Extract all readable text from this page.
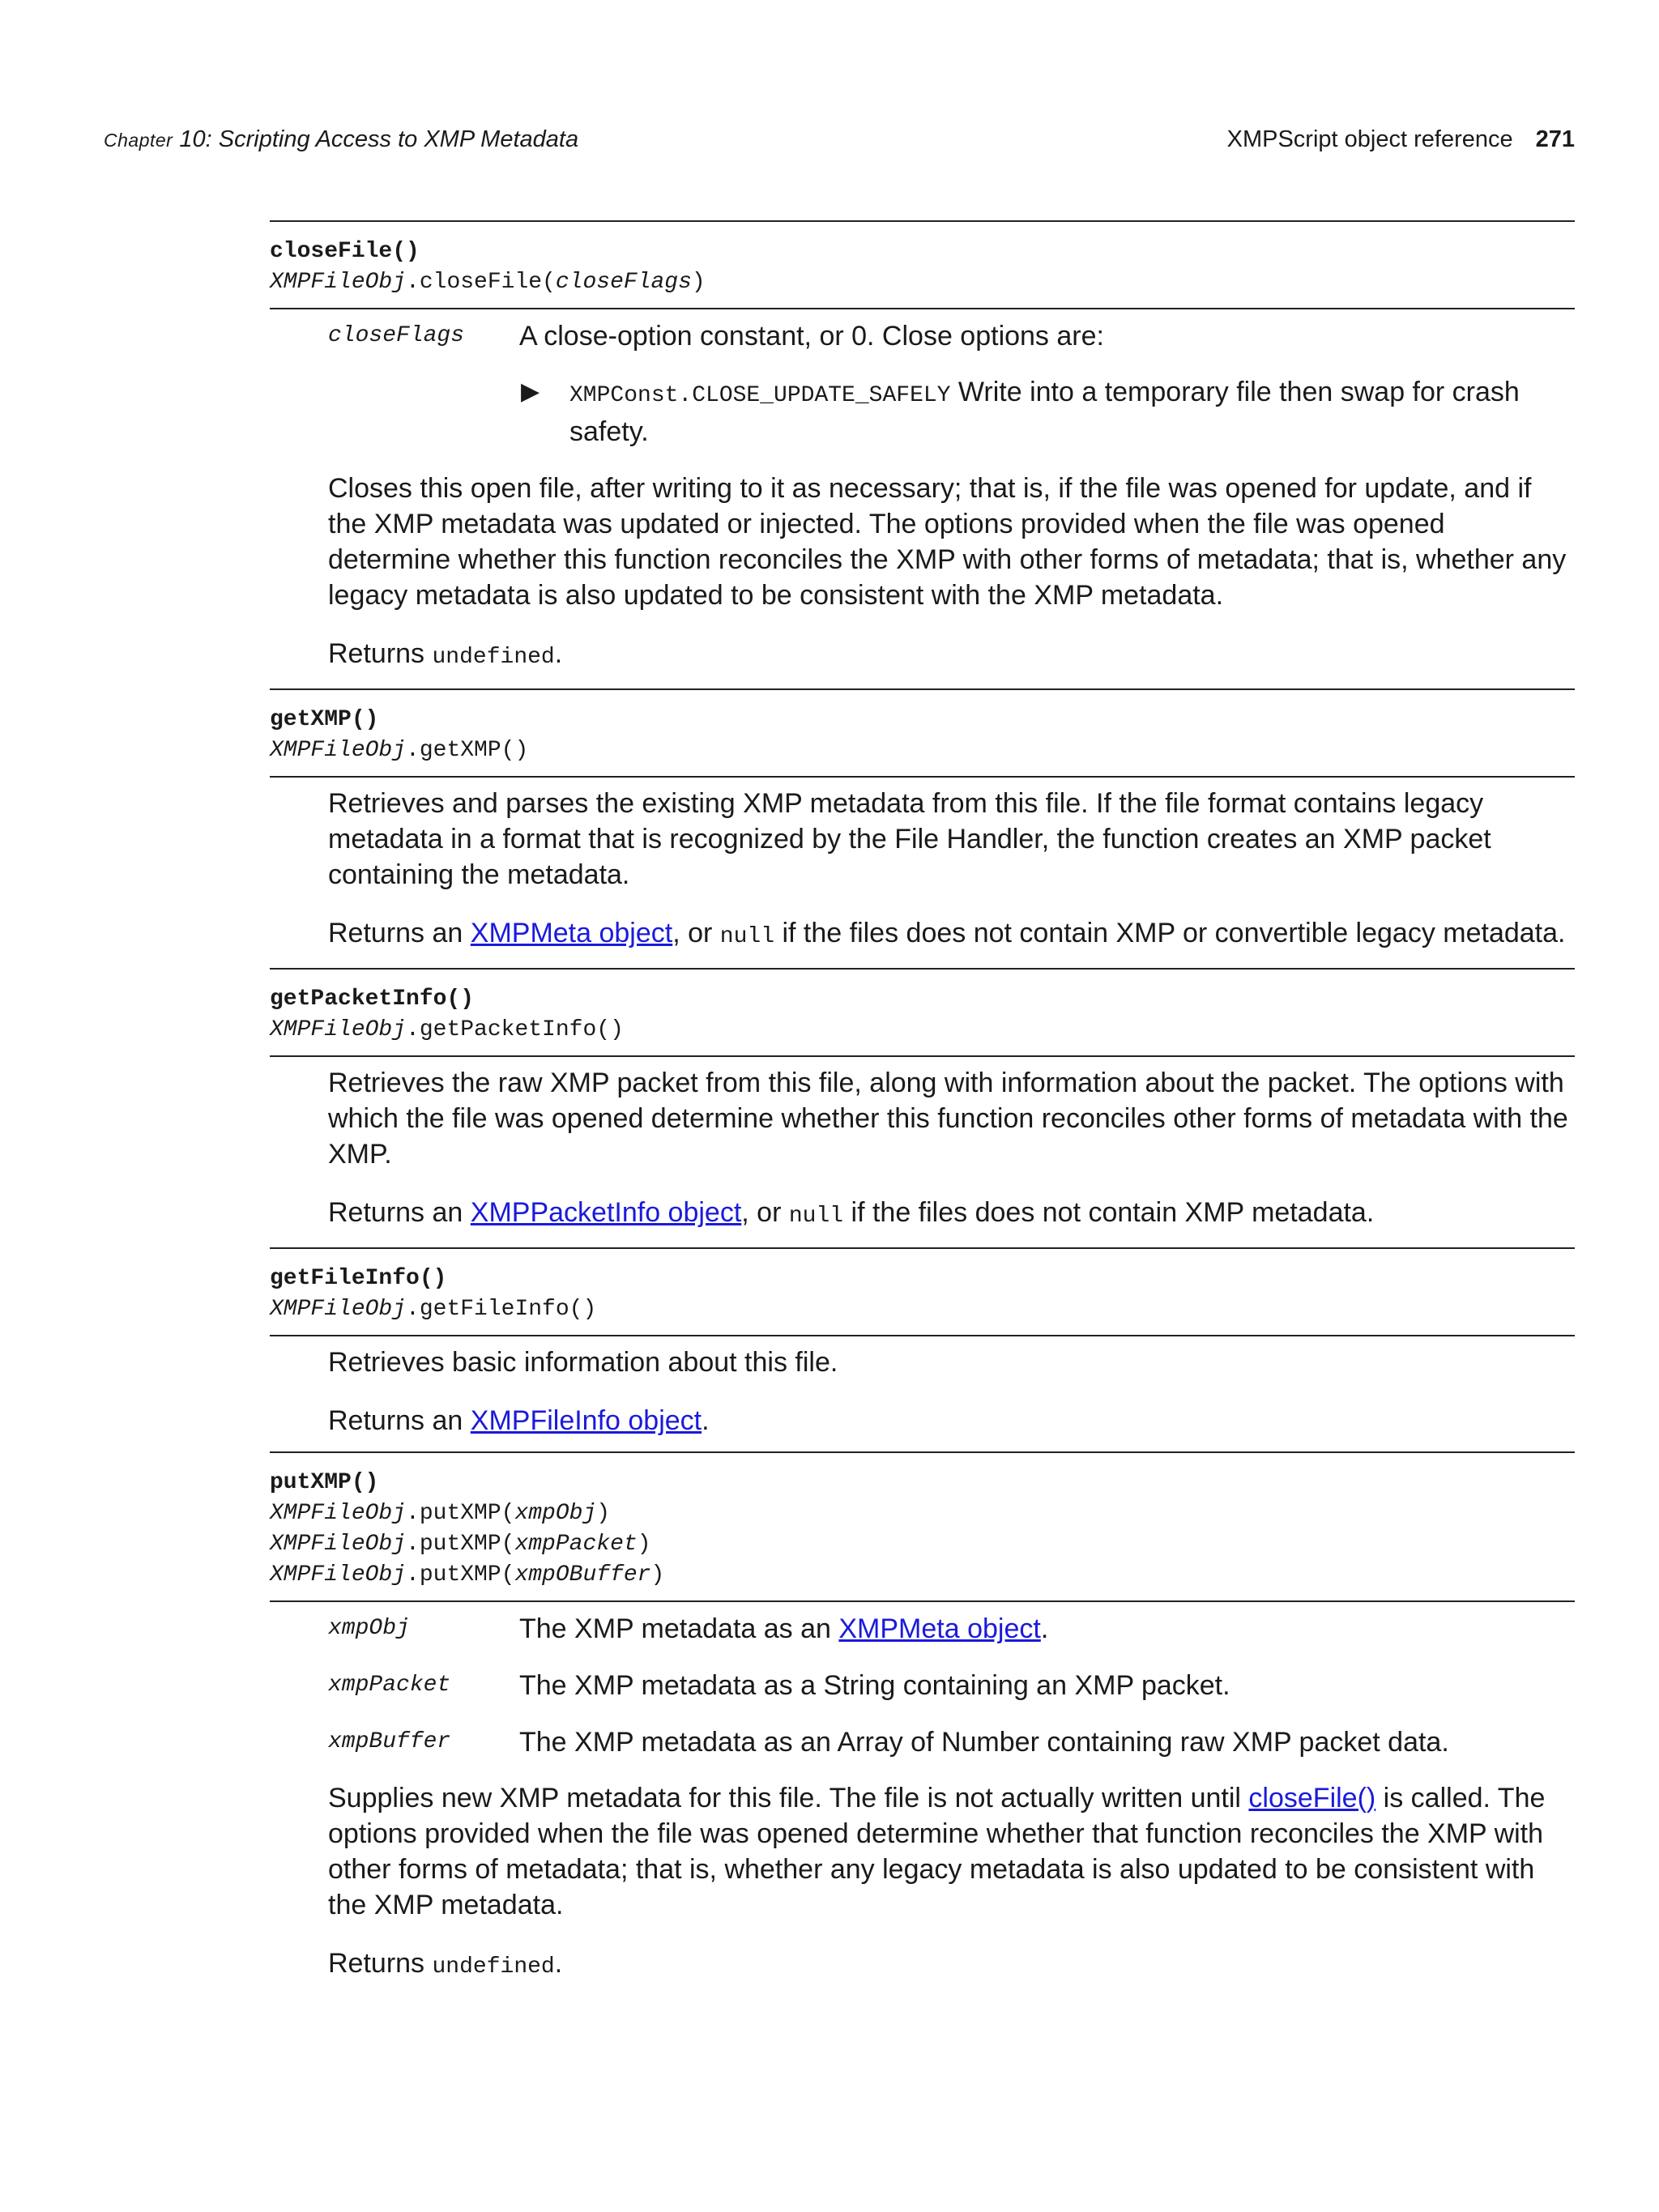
Chapter 10: Scripting Access to XMP Metadata	XMPScript object reference 271
closeFile()
XMPFileObj.closeFile(closeFlags)
closeFlags A close-option constant, or 0. Close options are:
▶ XMPConst.CLOSE_UPDATE_SAFELY Write into a temporary file then swap for crash safety.
Closes this open file, after writing to it as necessary; that is, if the file was opened for update, and if the XMP metadata was updated or injected. The options provided when the file was opened determine whether this function reconciles the XMP with other forms of metadata; that is, whether any legacy metadata is also updated to be consistent with the XMP metadata.
Returns undefined.
getXMP()
XMPFileObj.getXMP()
Retrieves and parses the existing XMP metadata from this file. If the file format contains legacy metadata in a format that is recognized by the File Handler, the function creates an XMP packet containing the metadata.
Returns an XMPMeta object, or null if the files does not contain XMP or convertible legacy metadata.
getPacketInfo()
XMPFileObj.getPacketInfo()
Retrieves the raw XMP packet from this file, along with information about the packet. The options with which the file was opened determine whether this function reconciles other forms of metadata with the XMP.
Returns an XMPPacketInfo object, or null if the files does not contain XMP metadata.
getFileInfo()
XMPFileObj.getFileInfo()
Retrieves basic information about this file.
Returns an XMPFileInfo object.
putXMP()
XMPFileObj.putXMP(xmpObj)
XMPFileObj.putXMP(xmpPacket)
XMPFileObj.putXMP(xmpOBuffer)
xmpObj	The XMP metadata as an XMPMeta object.
xmpPacket The XMP metadata as a String containing an XMP packet.
xmpBuffer The XMP metadata as an Array of Number containing raw XMP packet data.
Supplies new XMP metadata for this file. The file is not actually written until closeFile() is called. The options provided when the file was opened determine whether that function reconciles the XMP with other forms of metadata; that is, whether any legacy metadata is also updated to be consistent with the XMP metadata.
Returns undefined.
